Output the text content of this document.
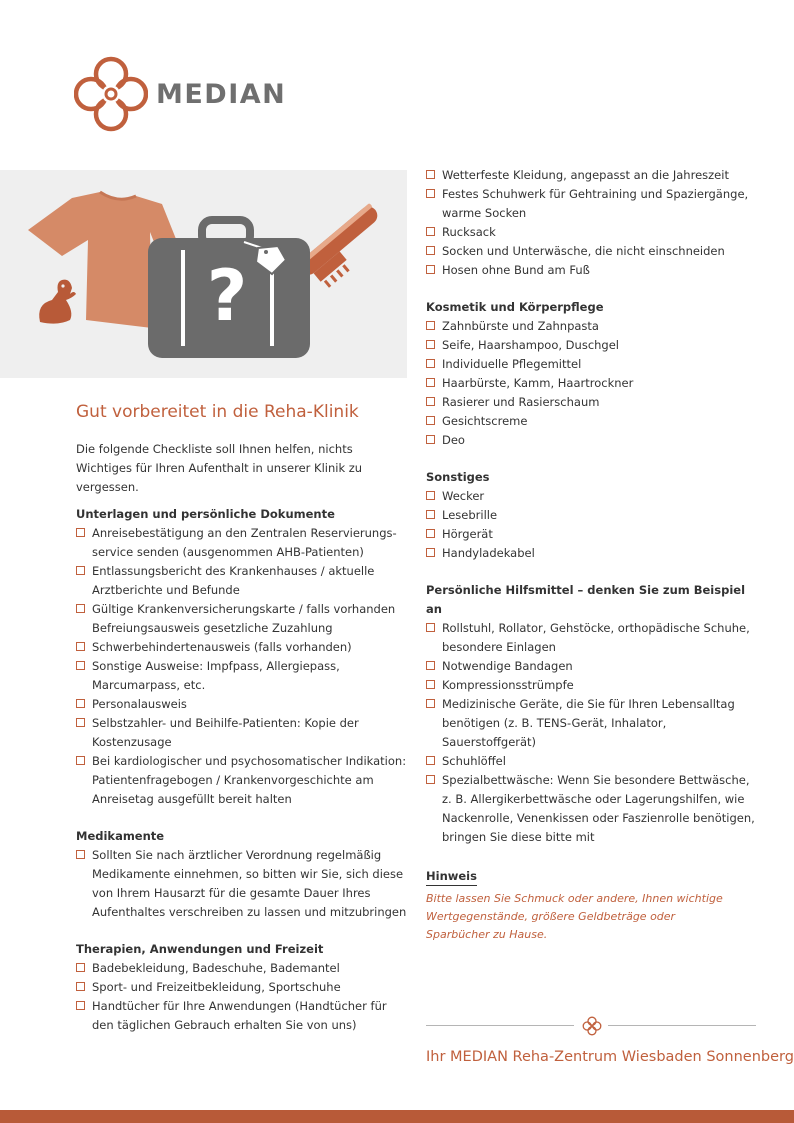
MEDIAN
?
Gut vorbereitet in die Reha-Klinik
Die folgende Checkliste soll Ihnen helfen, nichts Wichtiges für Ihren Aufenthalt in unserer Klinik zu vergessen.
Unterlagen und persönliche Dokumente
Anreisebestätigung an den Zentralen Reservierungs-service senden (ausgenommen AHB-Patienten)
Entlassungsbericht des Krankenhauses / aktuelle Arztberichte und Befunde
Gültige Krankenversicherungskarte / falls vorhanden Befreiungsausweis gesetzliche Zuzahlung
Schwerbehindertenausweis (falls vorhanden)
Sonstige Ausweise: Impfpass, Allergiepass, Marcumarpass, etc.
Personalausweis
Selbstzahler- und Beihilfe-Patienten: Kopie der Kostenzusage
Bei kardiologischer und psychosomatischer Indikation: Patientenfragebogen / Krankenvorgeschichte am Anreisetag ausgefüllt bereit halten
Medikamente
Sollten Sie nach ärztlicher Verordnung regelmäßig Medikamente einnehmen, so bitten wir Sie, sich diese von Ihrem Hausarzt für die gesamte Dauer Ihres Aufenthaltes verschreiben zu lassen und mitzubringen
Therapien, Anwendungen und Freizeit
Badebekleidung, Badeschuhe, Bademantel
Sport- und Freizeitbekleidung, Sportschuhe
Handtücher für Ihre Anwendungen (Handtücher für den täglichen Gebrauch erhalten Sie von uns)
Wetterfeste Kleidung, angepasst an die Jahreszeit
Festes Schuhwerk für Gehtraining und Spaziergänge, warme Socken
Rucksack
Socken und Unterwäsche, die nicht einschneiden
Hosen ohne Bund am Fuß
Kosmetik und Körperpflege
Zahnbürste und Zahnpasta
Seife, Haarshampoo, Duschgel
Individuelle Pflegemittel
Haarbürste, Kamm, Haartrockner
Rasierer und Rasierschaum
Gesichtscreme
Deo
Sonstiges
Wecker
Lesebrille
Hörgerät
Handyladekabel
Persönliche Hilfsmittel – denken Sie zum Beispiel an
Rollstuhl, Rollator, Gehstöcke, orthopädische Schuhe, besondere Einlagen
Notwendige Bandagen
Kompressionsstrümpfe
Medizinische Geräte, die Sie für Ihren Lebensalltag benötigen (z. B. TENS-Gerät, Inhalator, Sauerstoffgerät)
Schuhlöffel
Spezialbettwäsche: Wenn Sie besondere Bettwäsche, z. B. Allergikerbettwäsche oder Lagerungshilfen, wie Nackenrolle, Venenkissen oder Faszienrolle benötigen, bringen Sie diese bitte mit
Hinweis
Bitte lassen Sie Schmuck oder andere, Ihnen wichtige Wertgegenstände, größere Geldbeträge oder Sparbücher zu Hause.
Ihr MEDIAN Reha-Zentrum Wiesbaden Sonnenberg
